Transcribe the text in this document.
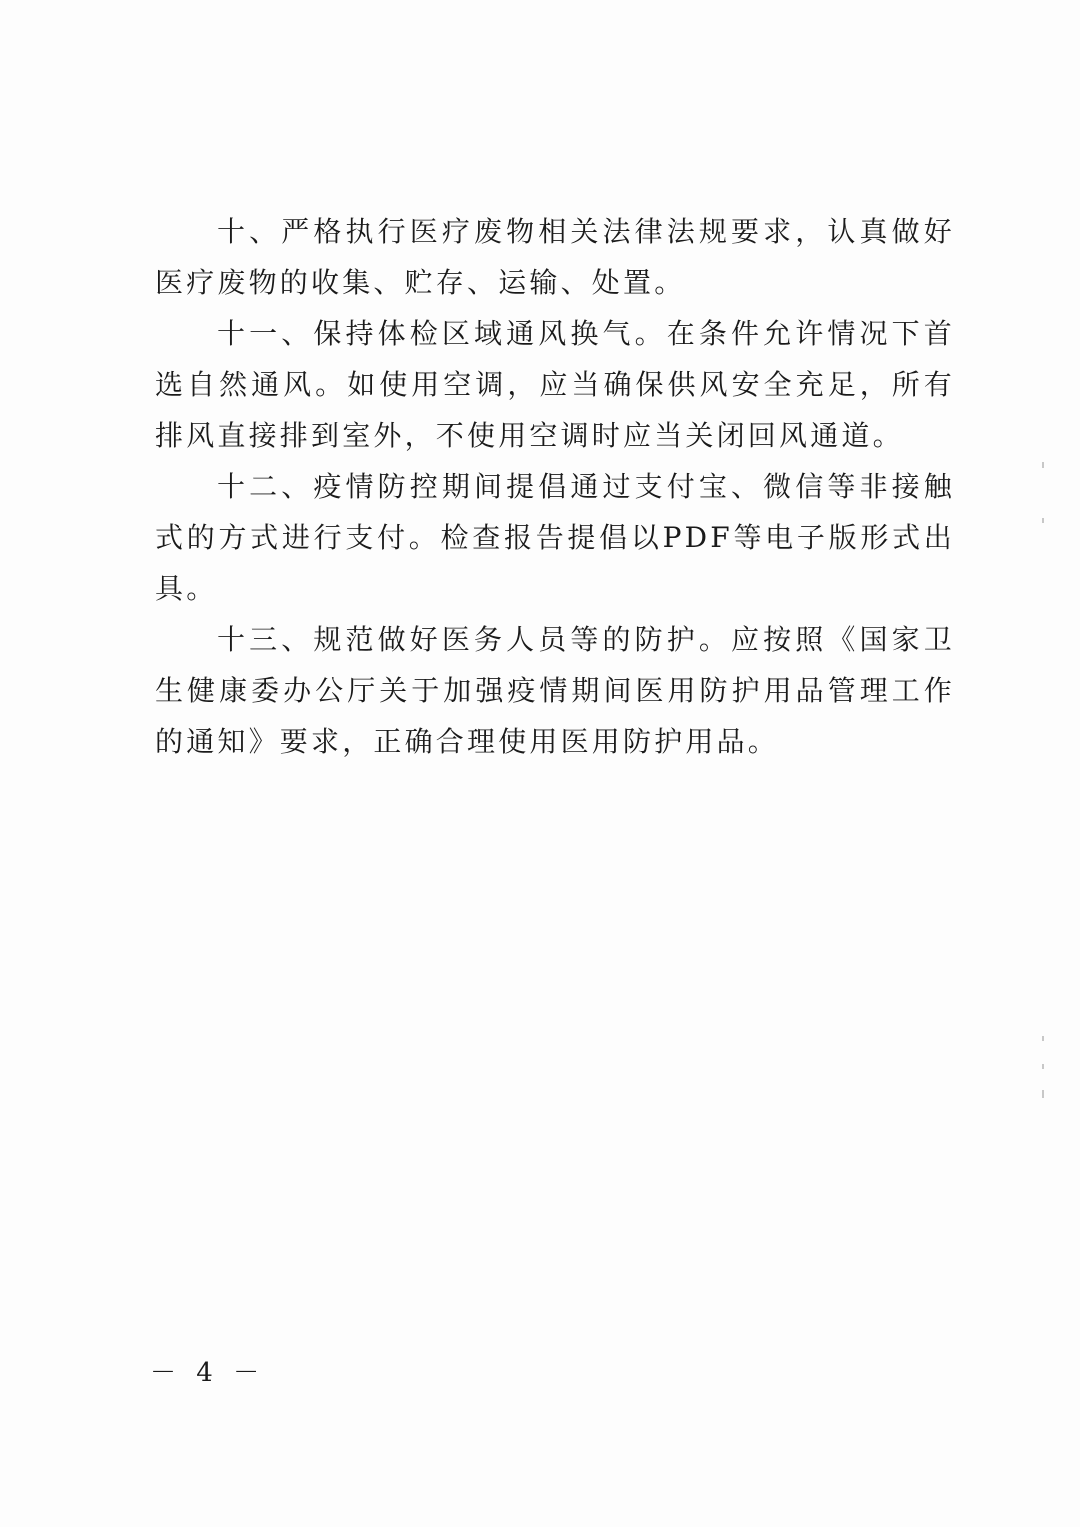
十、严格执行医疗废物相关法律法规要求，认真做好医疗废物的收集、贮存、运输、处置。

十一、保持体检区域通风换气。在条件允许情况下首选自然通风。如使用空调，应当确保供风安全充足，所有排风直接排到室外，不使用空调时应当关闭回风通道。

十二、疫情防控期间提倡通过支付宝、微信等非接触式的方式进行支付。检查报告提倡以PDF等电子版形式出具。

十三、规范做好医务人员等的防护。应按照《国家卫生健康委办公厅关于加强疫情期间医用防护用品管理工作的通知》要求，正确合理使用医用防护用品。

－ 4 －
